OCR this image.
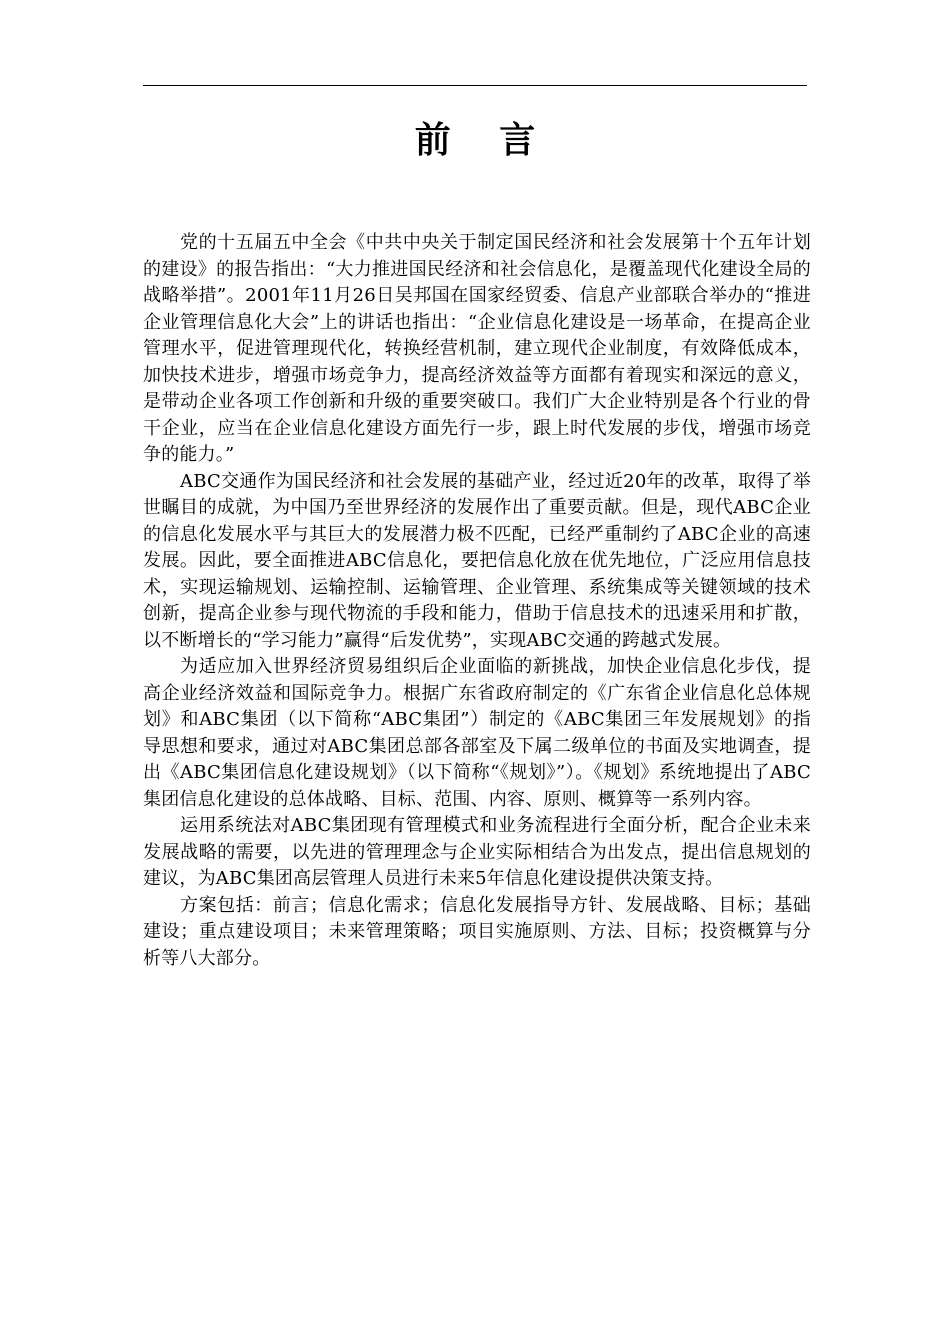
前 言

党的十五届五中全会《中共中央关于制定国民经济和社会发展第十个五年计划的建设》的报告指出：“大力推进国民经济和社会信息化，是覆盖现代化建设全局的战略举措”。2001年11月26日吴邦国在国家经贸委、信息产业部联合举办的“推进企业管理信息化大会”上的讲话也指出：“企业信息化建设是一场革命，在提高企业管理水平，促进管理现代化，转换经营机制，建立现代企业制度，有效降低成本，加快技术进步，增强市场竞争力，提高经济效益等方面都有着现实和深远的意义，是带动企业各项工作创新和升级的重要突破口。我们广大企业特别是各个行业的骨干企业，应当在企业信息化建设方面先行一步，跟上时代发展的步伐，增强市场竞争的能力。”

ABC交通作为国民经济和社会发展的基础产业，经过近20年的改革，取得了举世瞩目的成就，为中国乃至世界经济的发展作出了重要贡献。但是，现代ABC企业的信息化发展水平与其巨大的发展潜力极不匹配，已经严重制约了ABC企业的高速发展。因此，要全面推进ABC信息化，要把信息化放在优先地位，广泛应用信息技术，实现运输规划、运输控制、运输管理、企业管理、系统集成等关键领域的技术创新，提高企业参与现代物流的手段和能力，借助于信息技术的迅速采用和扩散，以不断增长的“学习能力”赢得“后发优势”，实现ABC交通的跨越式发展。

为适应加入世界经济贸易组织后企业面临的新挑战，加快企业信息化步伐，提高企业经济效益和国际竞争力。根据广东省政府制定的《广东省企业信息化总体规划》和ABC集团（以下简称“ABC集团”）制定的《ABC集团三年发展规划》的指导思想和要求，通过对ABC集团总部各部室及下属二级单位的书面及实地调查，提出《ABC集团信息化建设规划》（以下简称“《规划》”）。《规划》系统地提出了ABC集团信息化建设的总体战略、目标、范围、内容、原则、概算等一系列内容。

运用系统法对ABC集团现有管理模式和业务流程进行全面分析，配合企业未来发展战略的需要，以先进的管理理念与企业实际相结合为出发点，提出信息规划的建议，为ABC集团高层管理人员进行未来5年信息化建设提供决策支持。

方案包括：前言；信息化需求；信息化发展指导方针、发展战略、目标；基础建设；重点建设项目；未来管理策略；项目实施原则、方法、目标；投资概算与分析等八大部分。
